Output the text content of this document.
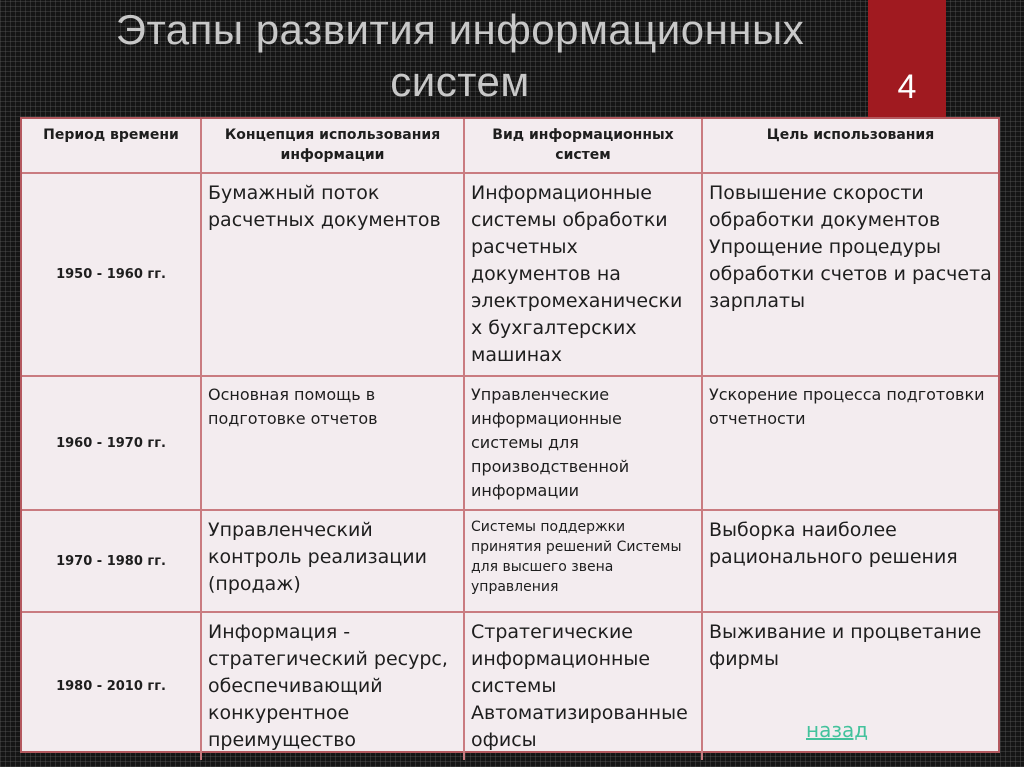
Этапы развития информационных систем	4
Период времени	Концепция использования информации	Вид информационных систем	Цель использования
1950 - 1960 гг.	Бумажный поток расчетных документов	Информационные системы обработки расчетных документов на электромеханически х бухгалтерских машинах	Повышение скорости обработки документов Упрощение процедуры обработки счетов и расчета зарплаты
1960 - 1970 гг.	Основная помощь в подготовке отчетов	Управленческие информационные системы для производственной информации	Ускорение процесса подготовки отчетности
1970 - 1980 гг.	Управленческий контроль реализации (продаж)	Системы поддержки принятия решений Системы для высшего звена управления	Выборка наиболее рационального решения
1980 - 2010 гг.	Информация - стратегический ресурс, обеспечивающий конкурентное преимущество	Стратегические информационные системы Автоматизированные офисы	Выживание и процветание фирмы
назад
